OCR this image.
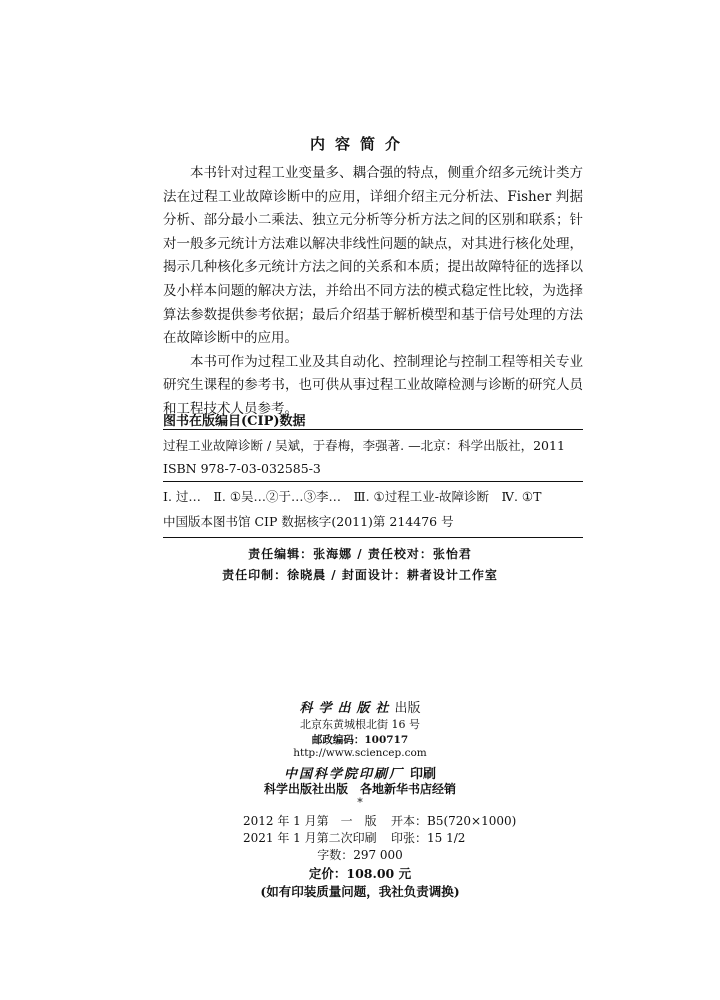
内容简介

本书针对过程工业变量多、耦合强的特点，侧重介绍多元统计类方法在过程工业故障诊断中的应用，详细介绍主元分析法、Fisher 判据分析、部分最小二乘法、独立元分析等分析方法之间的区别和联系；针对一般多元统计方法难以解决非线性问题的缺点，对其进行核化处理，揭示几种核化多元统计方法之间的关系和本质；提出故障特征的选择以及小样本问题的解决方法，并给出不同方法的模式稳定性比较，为选择算法参数提供参考依据；最后介绍基于解析模型和基于信号处理的方法在故障诊断中的应用。

本书可作为过程工业及其自动化、控制理论与控制工程等相关专业研究生课程的参考书，也可供从事过程工业故障检测与诊断的研究人员和工程技术人员参考。

图书在版编目(CIP)数据
过程工业故障诊断 / 吴斌，于春梅，李强著. —北京：科学出版社，2011
ISBN 978-7-03-032585-3
Ⅰ. 过…　Ⅱ. ①吴…②于…③李…　Ⅲ. ①过程工业-故障诊断　Ⅳ. ①T
中国版本图书馆 CIP 数据核字(2011)第 214476 号
责任编辑：张海娜 / 责任校对：张怡君
责任印制：徐晓晨 / 封面设计：耕者设计工作室
科学出版社出版
北京东黄城根北街 16 号
邮政编码：100717
http://www.sciencep.com
中国科学院印刷厂 印刷
科学出版社出版　各地新华书店经销
*
2012 年 1 月第　一　版 开本：B5(720×1000)
2021 年 1 月第二次印刷 印张：15 1/2
字数：297 000
定价：108.00 元
(如有印装质量问题，我社负责调换)
